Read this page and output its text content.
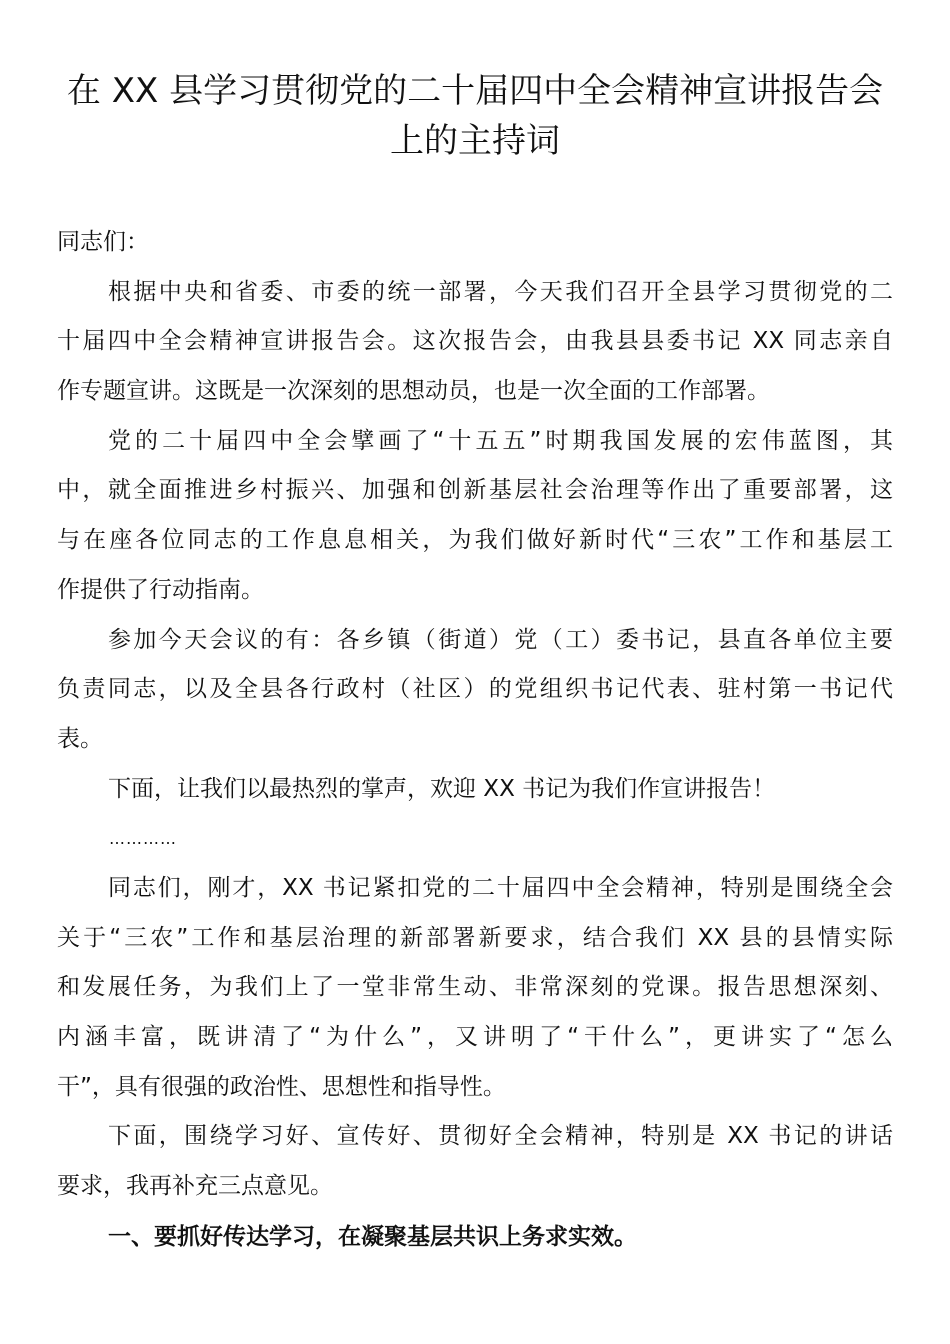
在 XX 县学习贯彻党的二十届四中全会精神宣讲报告会
上的主持词
同志们：
根据中央和省委、市委的统一部署，今天我们召开全县学习贯彻党的二
十届四中全会精神宣讲报告会。这次报告会，由我县县委书记 XX 同志亲自
作专题宣讲。这既是一次深刻的思想动员，也是一次全面的工作部署。
党的二十届四中全会擘画了“十五五”时期我国发展的宏伟蓝图，其
中，就全面推进乡村振兴、加强和创新基层社会治理等作出了重要部署，这
与在座各位同志的工作息息相关，为我们做好新时代“三农”工作和基层工
作提供了行动指南。
参加今天会议的有：各乡镇（街道）党（工）委书记，县直各单位主要
负责同志，以及全县各行政村（社区）的党组织书记代表、驻村第一书记代
表。
下面，让我们以最热烈的掌声，欢迎 XX 书记为我们作宣讲报告！
…………
同志们，刚才，XX 书记紧扣党的二十届四中全会精神，特别是围绕全会
关于“三农”工作和基层治理的新部署新要求，结合我们 XX 县的县情实际
和发展任务，为我们上了一堂非常生动、非常深刻的党课。报告思想深刻、
内涵丰富，既讲清了“为什么”，又讲明了“干什么”，更讲实了“怎么
干”，具有很强的政治性、思想性和指导性。
下面，围绕学习好、宣传好、贯彻好全会精神，特别是 XX 书记的讲话
要求，我再补充三点意见。
一、要抓好传达学习，在凝聚基层共识上务求实效。
